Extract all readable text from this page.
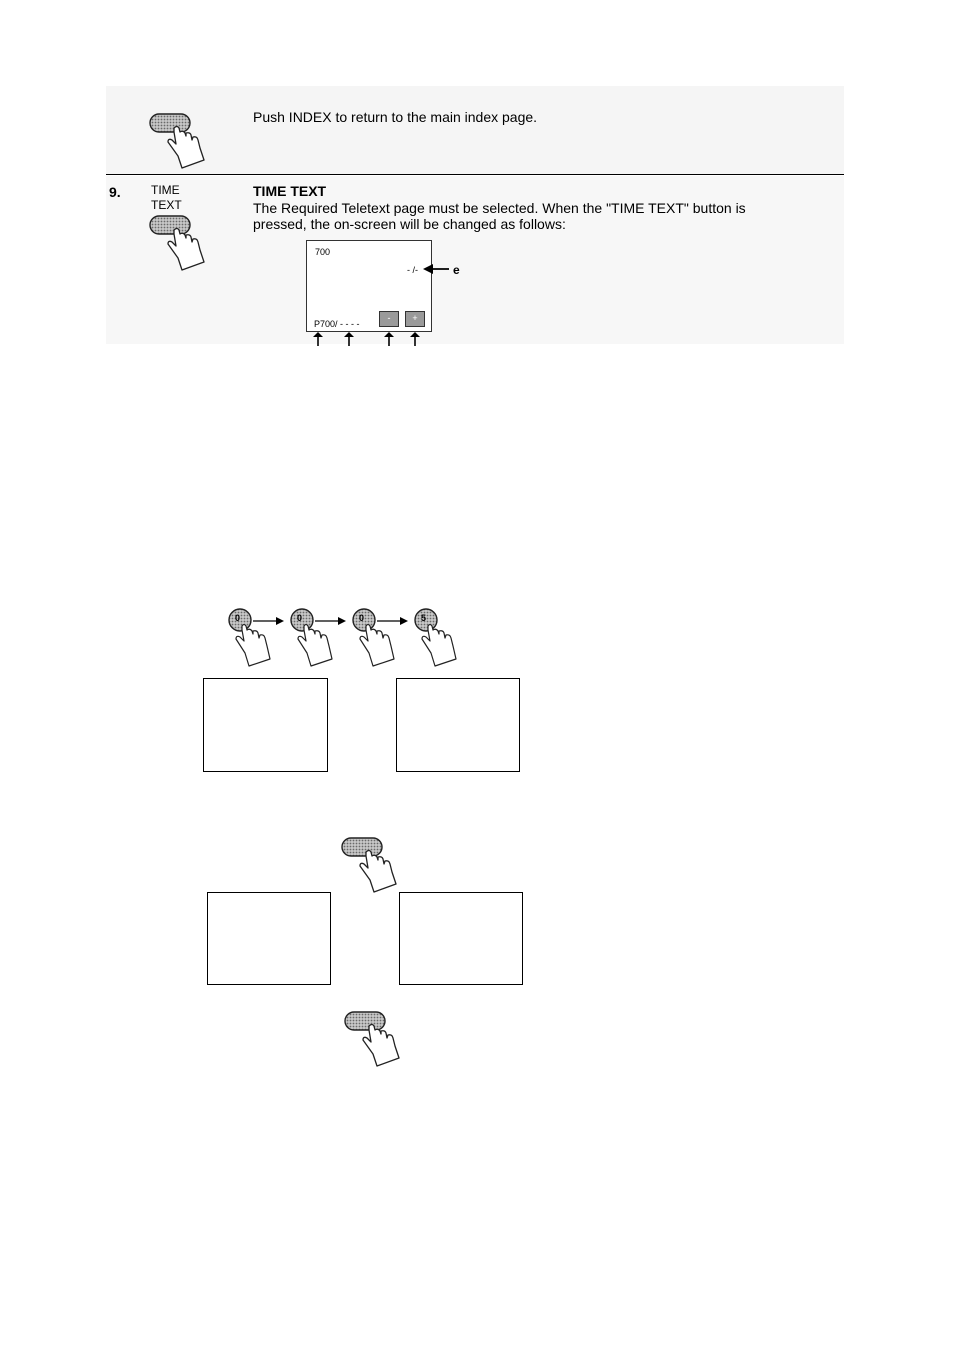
Push INDEX to return to the main index page.
9.	TIME
TEXT
TIME TEXT
The Required Teletext page must be selected. When the "TIME TEXT" button is
pressed, the on-screen will be changed as follows:
700
- /-	e
P700/ - - - -
-	+
0	0	0	5
